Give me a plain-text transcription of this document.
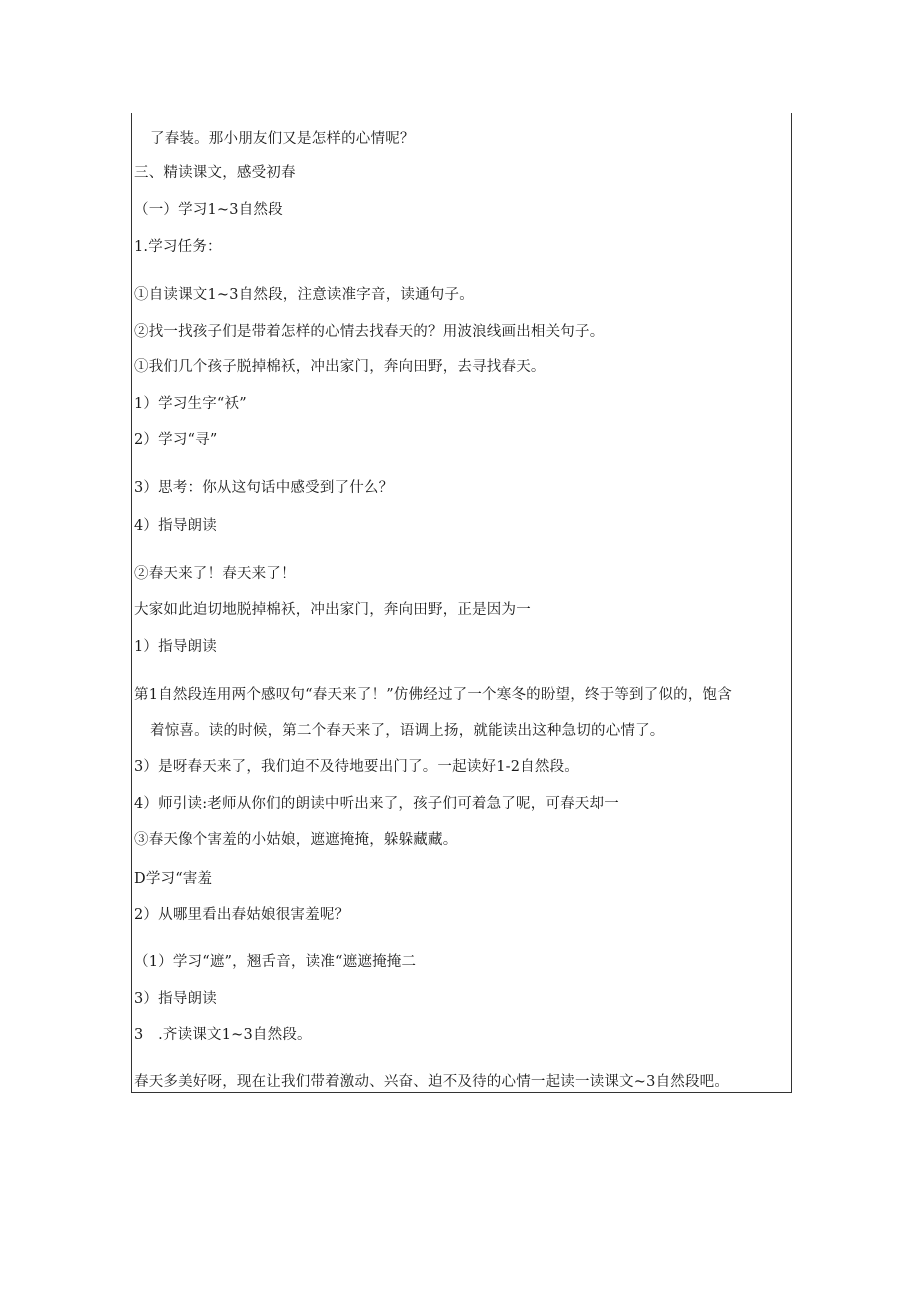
了春装。那小朋友们又是怎样的心情呢？
三、精读课文，感受初春
（一）学习1~3自然段
1.学习任务：
①自读课文1~3自然段，注意读准字音，读通句子。
②找一找孩子们是带着怎样的心情去找春天的？用波浪线画出相关句子。
①我们几个孩子脱掉棉袄，冲出家门，奔向田野，去寻找春天。
1）学习生字“袄”
2）学习“寻”
3）思考：你从这句话中感受到了什么？
4）指导朗读
②春天来了！春天来了！
大家如此迫切地脱掉棉袄，冲出家门，奔向田野，正是因为一
1）指导朗读
第1自然段连用两个感叹句“春天来了！”仿佛经过了一个寒冬的盼望，终于等到了似的，饱含
着惊喜。读的时候，第二个春天来了，语调上扬，就能读出这种急切的心情了。
3）是呀春天来了，我们迫不及待地要出门了。一起读好1-2自然段。
4）师引读:老师从你们的朗读中听出来了，孩子们可着急了呢，可春天却一
③春天像个害羞的小姑娘，遮遮掩掩，躲躲藏藏。
D学习“害羞
2）从哪里看出春姑娘很害羞呢？
（1）学习“遮”，翘舌音，读准“遮遮掩掩二
3）指导朗读
3　.齐读课文1~3自然段。
春天多美好呀，现在让我们带着激动、兴奋、迫不及待的心情一起读一读课文~3自然段吧。
